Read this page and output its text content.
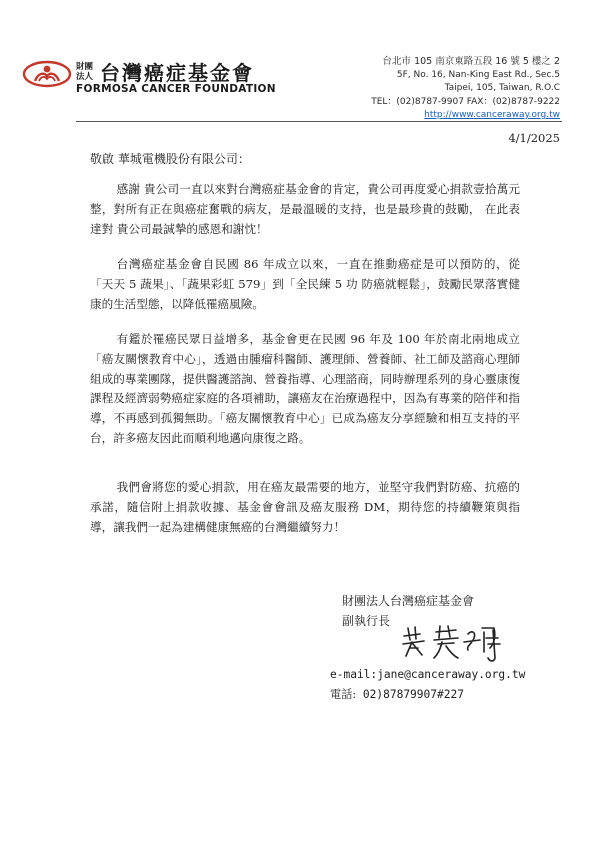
財團法人 台灣癌症基金會
FORMOSA CANCER FOUNDATION
台北市 105 南京東路五段 16 號 5 樓之 2
5F, No. 16, Nan-King East Rd., Sec.5
Taipei, 105, Taiwan, R.O.C
TEL：(02)8787-9907 FAX：(02)8787-9222
http://www.canceraway.org.tw
4/1/2025
敬啟 華城電機股份有限公司：
感謝 貴公司一直以來對台灣癌症基金會的肯定，貴公司再度愛心捐款壹拾萬元整，對所有正在與癌症奮戰的病友，是最溫暖的支持，也是最珍貴的鼓勵， 在此表達對 貴公司最誠摯的感恩和謝忱！
台灣癌症基金會自民國 86 年成立以來，一直在推動癌症是可以預防的，從「天天 5 蔬果」、「蔬果彩虹 579」到「全民練 5 功 防癌就輕鬆」，鼓勵民眾落實健康的生活型態，以降低罹癌風險。
有鑑於罹癌民眾日益增多，基金會更在民國 96 年及 100 年於南北兩地成立「癌友關懷教育中心」，透過由腫瘤科醫師、護理師、營養師、社工師及諮商心理師組成的專業團隊，提供醫護諮詢、營養指導、心理諮商，同時辦理系列的身心靈康復課程及經濟弱勢癌症家庭的各項補助，讓癌友在治療過程中，因為有專業的陪伴和指導，不再感到孤獨無助。「癌友關懷教育中心」已成為癌友分享經驗和相互支持的平台，許多癌友因此而順利地邁向康復之路。
我們會將您的愛心捐款，用在癌友最需要的地方，並堅守我們對防癌、抗癌的承諾，隨信附上捐款收據、基金會會訊及癌友服務 DM，期待您的持續鞭策與指導，讓我們一起為建構健康無癌的台灣繼續努力！
財團法人台灣癌症基金會
副執行長
e-mail:jane@canceraway.org.tw
電話: 02)87879907#227
